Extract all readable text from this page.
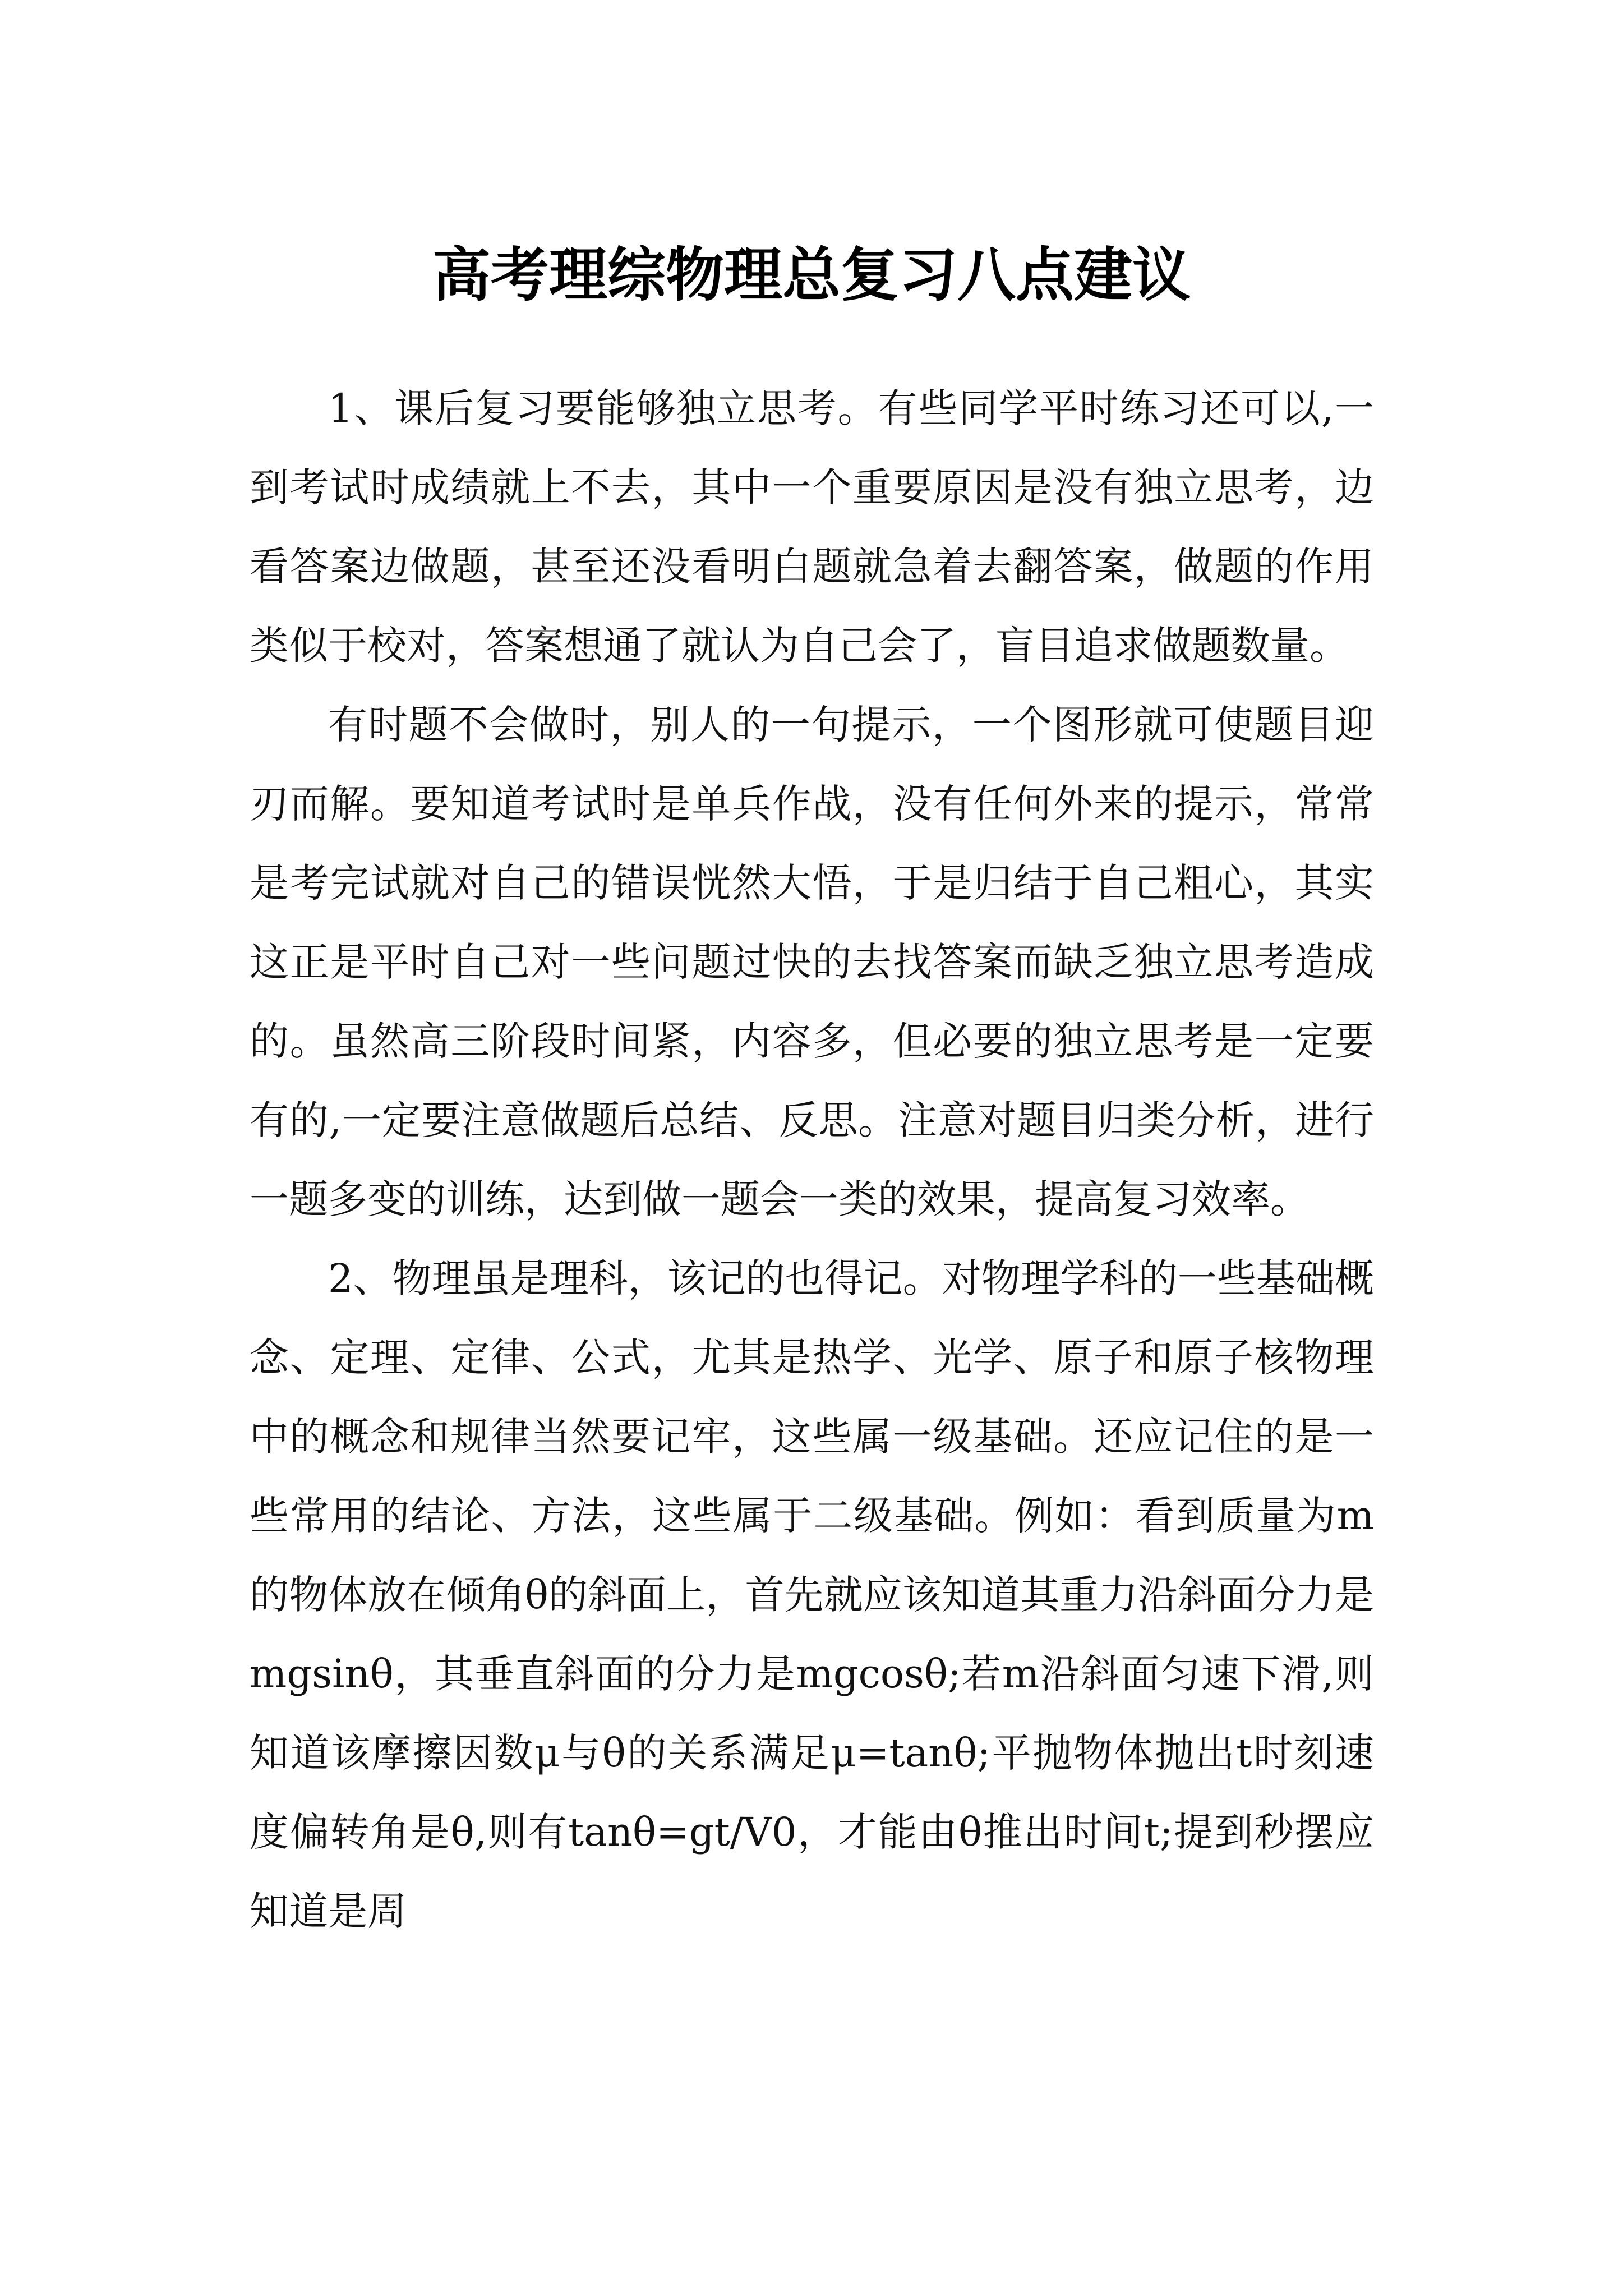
高考理综物理总复习八点建议

1、课后复习要能够独立思考。有些同学平时练习还可以,一到考试时成绩就上不去，其中一个重要原因是没有独立思考，边看答案边做题，甚至还没看明白题就急着去翻答案，做题的作用类似于校对，答案想通了就认为自己会了，盲目追求做题数量。

有时题不会做时，别人的一句提示，一个图形就可使题目迎刃而解。要知道考试时是单兵作战，没有任何外来的提示，常常是考完试就对自己的错误恍然大悟，于是归结于自己粗心，其实这正是平时自己对一些问题过快的去找答案而缺乏独立思考造成的。虽然高三阶段时间紧，内容多，但必要的独立思考是一定要有的,一定要注意做题后总结、反思。注意对题目归类分析，进行一题多变的训练，达到做一题会一类的效果，提高复习效率。

2、物理虽是理科，该记的也得记。对物理学科的一些基础概念、定理、定律、公式，尤其是热学、光学、原子和原子核物理中的概念和规律当然要记牢，这些属一级基础。还应记住的是一些常用的结论、方法，这些属于二级基础。例如：看到质量为m的物体放在倾角θ的斜面上，首先就应该知道其重力沿斜面分力是mgsinθ，其垂直斜面的分力是mgcosθ;若m沿斜面匀速下滑,则知道该摩擦因数μ与θ的关系满足μ=tanθ;平抛物体抛出t时刻速度偏转角是θ,则有tanθ=gt/V0，才能由θ推出时间t;提到秒摆应知道是周
